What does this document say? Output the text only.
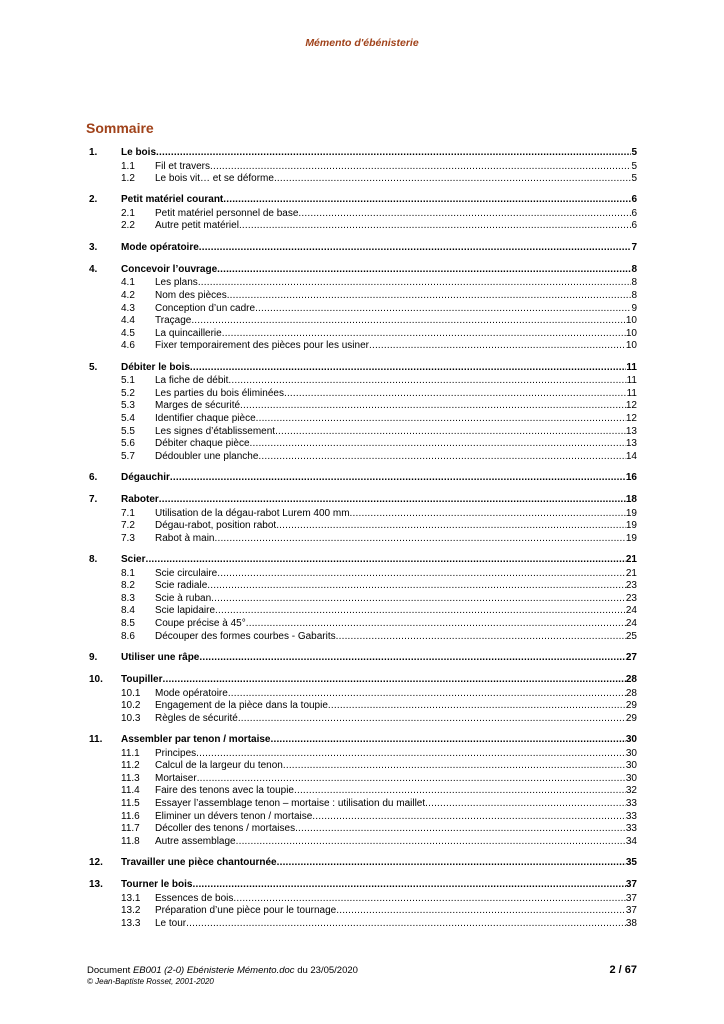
Mémento d'ébénisterie
Sommaire
1.	Le bois .....	5
1.1	Fil et travers .....	5
1.2	Le bois vit… et se déforme .....	5
2.	Petit matériel courant .....	6
2.1	Petit matériel personnel de base .....	6
2.2	Autre petit matériel .....	6
3.	Mode opératoire .....	7
4.	Concevoir l’ouvrage .....	8
4.1	Les plans .....	8
4.2	Nom des pièces .....	8
4.3	Conception d’un cadre .....	9
4.4	Traçage .....	10
4.5	La quincaillerie .....	10
4.6	Fixer temporairement des pièces pour les usiner .....	10
5.	Débiter le bois .....	11
5.1	La fiche de débit .....	11
5.2	Les parties du bois éliminées .....	11
5.3	Marges de sécurité .....	12
5.4	Identifier chaque pièce .....	12
5.5	Les signes d’établissement .....	13
5.6	Débiter chaque pièce .....	13
5.7	Dédoubler une planche .....	14
6.	Dégauchir .....	16
7.	Raboter .....	18
7.1	Utilisation de la dégau-rabot Lurem 400 mm .....	19
7.2	Dégau-rabot, position rabot .....	19
7.3	Rabot à main .....	19
8.	Scier .....	21
8.1	Scie circulaire .....	21
8.2	Scie radiale .....	23
8.3	Scie à ruban .....	23
8.4	Scie lapidaire .....	24
8.5	Coupe précise à 45° .....	24
8.6	Découper des formes courbes - Gabarits .....	25
9.	Utiliser une râpe .....	27
10.	Toupiller .....	28
10.1	Mode opératoire .....	28
10.2	Engagement de la pièce dans la toupie .....	29
10.3	Règles de sécurité .....	29
11.	Assembler par tenon / mortaise .....	30
11.1	Principes .....	30
11.2	Calcul de la largeur du tenon .....	30
11.3	Mortaiser .....	30
11.4	Faire des tenons avec la toupie .....	32
11.5	Essayer l’assemblage tenon – mortaise : utilisation du maillet .....	33
11.6	Éliminer un dévers tenon / mortaise .....	33
11.7	Décoller des tenons / mortaises .....	33
11.8	Autre assemblage .....	34
12.	Travailler une pièce chantournée .....	35
13.	Tourner le bois .....	37
13.1	Essences de bois .....	37
13.2	Préparation d’une pièce pour le tournage .....	37
13.3	Le tour .....	38
Document EB001 (2-0) Ebénisterie Mémento.doc du 23/05/2020
© Jean-Baptiste Rosset, 2001-2020
2 / 67
